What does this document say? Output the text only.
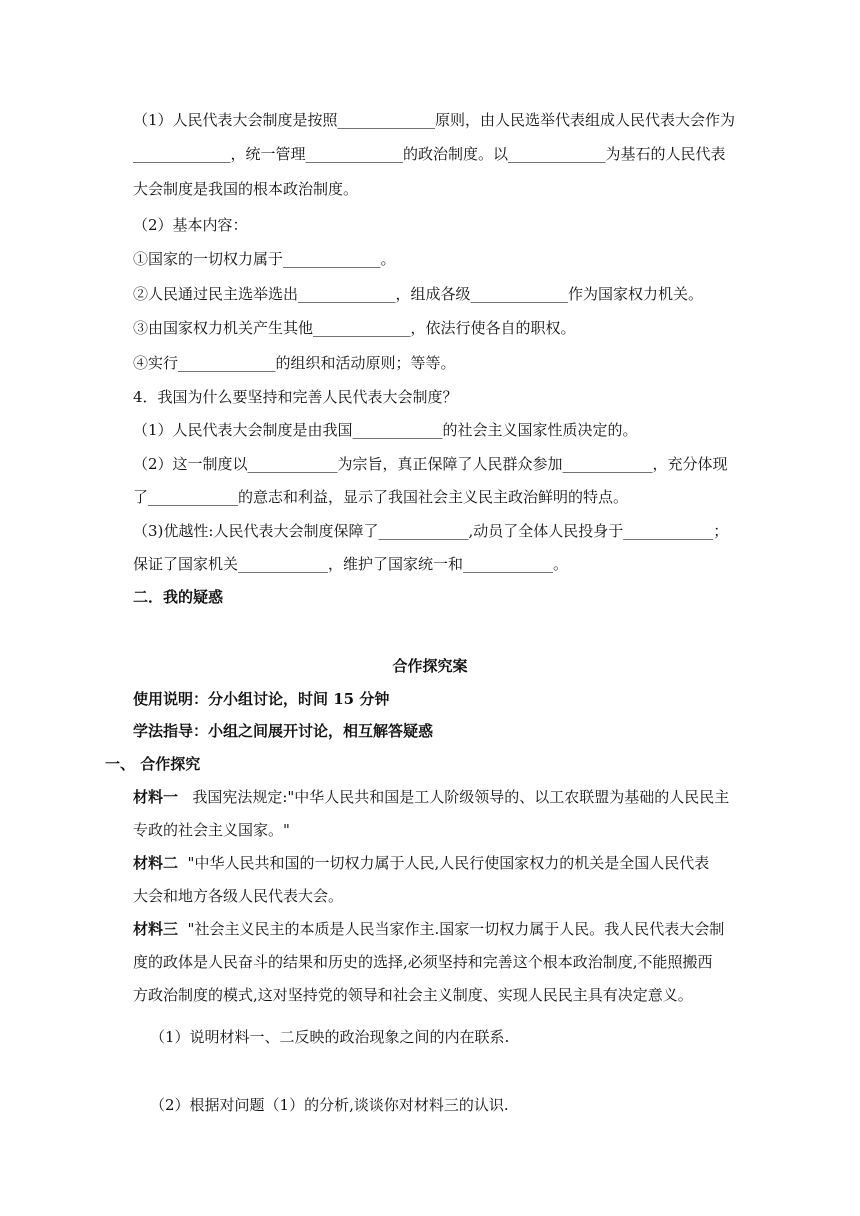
（1）人民代表大会制度是按照_____________原则，由人民选举代表组成人民代表大会作为
_____________，统一管理_____________的政治制度。以_____________为基石的人民代表
大会制度是我国的根本政治制度。
（2）基本内容：
①国家的一切权力属于_____________。
②人民通过民主选举选出_____________，组成各级_____________作为国家权力机关。
③由国家权力机关产生其他_____________，依法行使各自的职权。
④实行_____________的组织和活动原则；等等。
4．我国为什么要坚持和完善人民代表大会制度？
（1）人民代表大会制度是由我国____________的社会主义国家性质决定的。
（2）这一制度以____________为宗旨，真正保障了人民群众参加____________，充分体现
了____________的意志和利益，显示了我国社会主义民主政治鲜明的特点。
（3)优越性:人民代表大会制度保障了____________,动员了全体人民投身于____________；
保证了国家机关____________，维护了国家统一和____________。
二．我的疑惑
合作探究案
使用说明：分小组讨论，时间 15 分钟
学法指导：小组之间展开讨论，相互解答疑惑
一、 合作探究
材料一   我国宪法规定:"中华人民共和国是工人阶级领导的、以工农联盟为基础的人民民主
专政的社会主义国家。"
材料二  "中华人民共和国的一切权力属于人民,人民行使国家权力的机关是全国人民代表
大会和地方各级人民代表大会。
材料三  "社会主义民主的本质是人民当家作主.国家一切权力属于人民。我人民代表大会制
度的政体是人民奋斗的结果和历史的选择,必须坚持和完善这个根本政治制度,不能照搬西
方政治制度的模式,这对坚持党的领导和社会主义制度、实现人民民主具有决定意义。
（1）说明材料一、二反映的政治现象之间的内在联系.
（2）根据对问题（1）的分析,谈谈你对材料三的认识.
